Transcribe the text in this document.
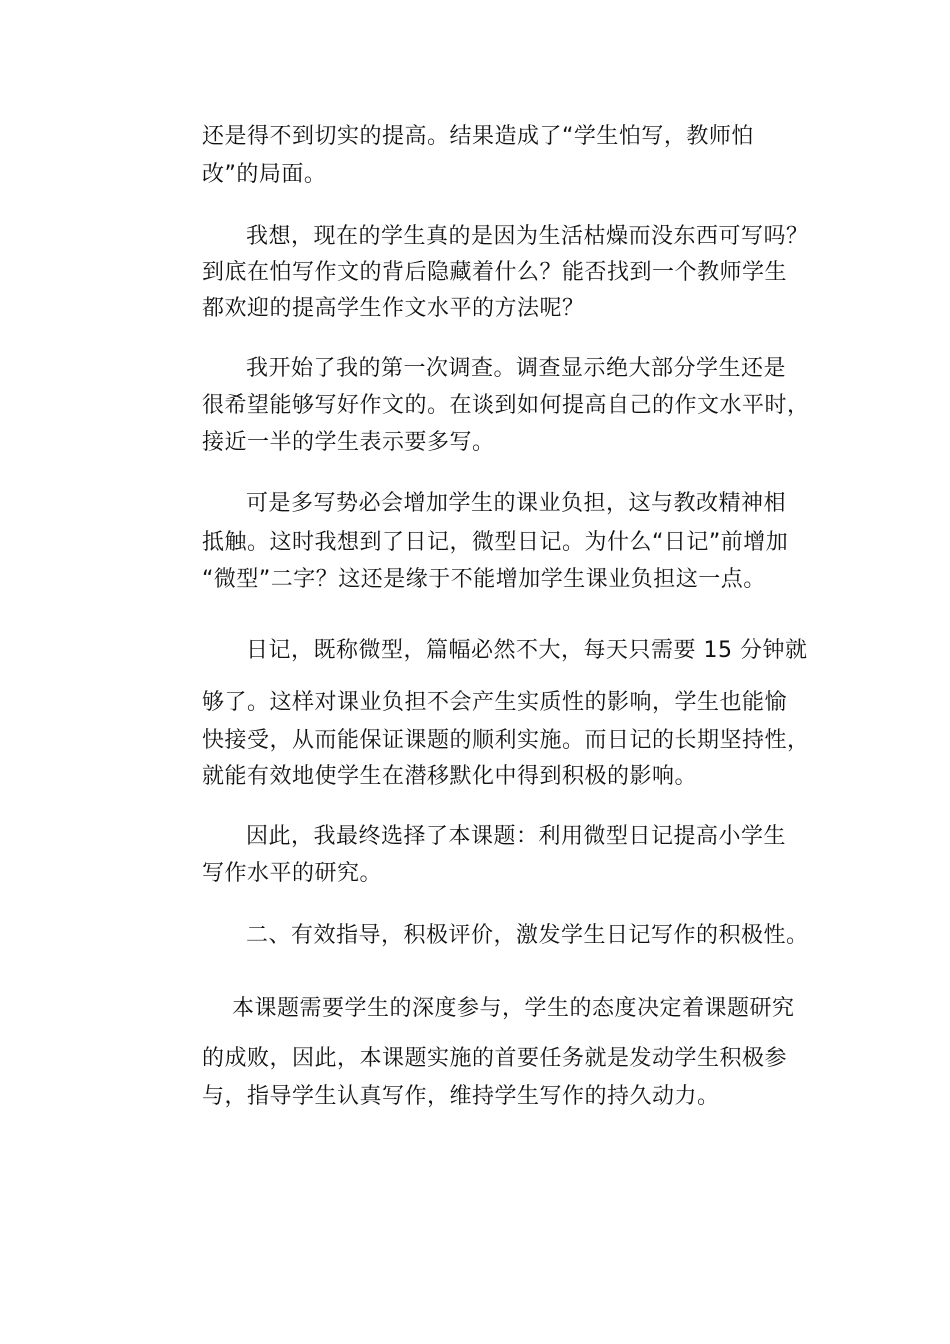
还是得不到切实的提高。结果造成了“学生怕写，教师怕
改”的局面。
我想，现在的学生真的是因为生活枯燥而没东西可写吗？
到底在怕写作文的背后隐藏着什么？能否找到一个教师学生
都欢迎的提高学生作文水平的方法呢？
我开始了我的第一次调查。调查显示绝大部分学生还是
很希望能够写好作文的。在谈到如何提高自己的作文水平时，
接近一半的学生表示要多写。
可是多写势必会增加学生的课业负担，这与教改精神相
抵触。这时我想到了日记，微型日记。为什么“日记”前增加
“微型”二字？这还是缘于不能增加学生课业负担这一点。
日记，既称微型，篇幅必然不大，每天只需要 15 分钟就
够了。这样对课业负担不会产生实质性的影响，学生也能愉
快接受，从而能保证课题的顺利实施。而日记的长期坚持性，
就能有效地使学生在潜移默化中得到积极的影响。
因此，我最终选择了本课题：利用微型日记提高小学生
写作水平的研究。
二、有效指导，积极评价，激发学生日记写作的积极性。
本课题需要学生的深度参与，学生的态度决定着课题研究
的成败，因此，本课题实施的首要任务就是发动学生积极参
与，指导学生认真写作，维持学生写作的持久动力。
